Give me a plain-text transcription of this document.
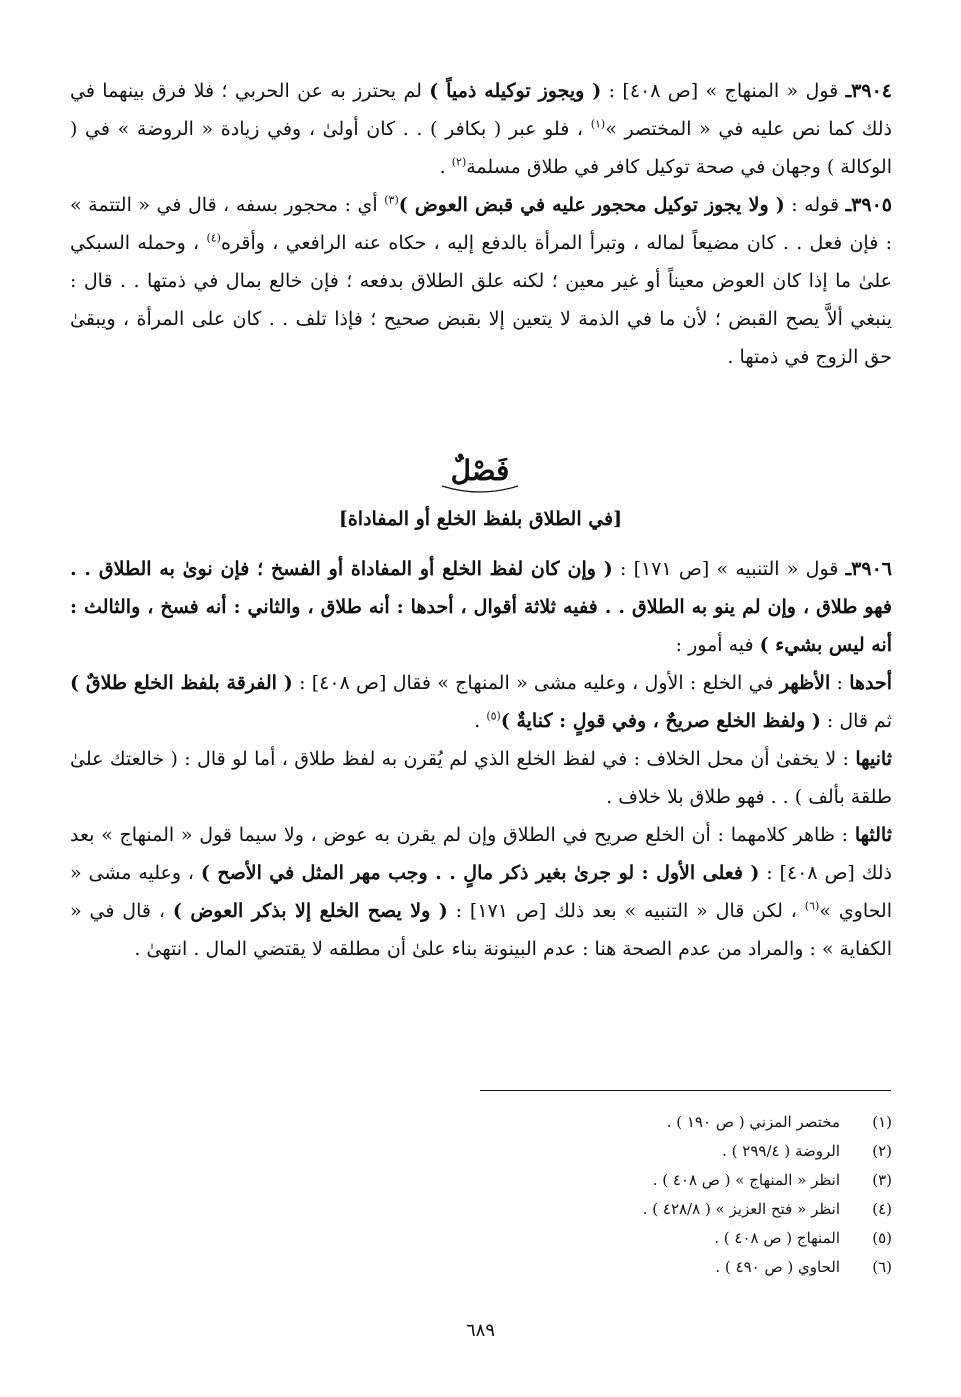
٣٩٠٤ـ قول « المنهاج » [ص ٤٠٨] : ( ويجوز توكيله ذمياً ) لم يحترز به عن الحربي ؛ فلا فرق بينهما في ذلك كما نص عليه في « المختصر »$^{(١)}$ ، فلو عبر ( بكافر ) . . كان أولىٰ ، وفي زيادة « الروضة » في ( الوكالة ) وجهان في صحة توكيل كافر في طلاق مسلمة$^{(٢)}$ .

٣٩٠٥ـ قوله : ( ولا يجوز توكيل محجور عليه في قبض العوض )$^{(٣)}$ أي : محجور بسفه ، قال في « التتمة » : فإن فعل . . كان مضيعاً لماله ، وتبرأ المرأة بالدفع إليه ، حكاه عنه الرافعي ، وأقره$^{(٤)}$ ، وحمله السبكي علىٰ ما إذا كان العوض معيناً أو غير معين ؛ لكنه علق الطلاق بدفعه ؛ فإن خالع بمال في ذمتها . . قال : ينبغي ألاَّ يصح القبض ؛ لأن ما في الذمة لا يتعين إلا بقبض صحيح ؛ فإذا تلف . . كان على المرأة ، ويبقىٰ حق الزوج في ذمتها .

فَصْلٌ
[في الطلاق بلفظ الخلع أو المفاداة]

٣٩٠٦ـ قول « التنبيه » [ص ١٧١] : ( وإن كان لفظ الخلع أو المفاداة أو الفسخ ؛ فإن نوىٰ به الطلاق . . فهو طلاق ، وإن لم ينو به الطلاق . . ففيه ثلاثة أقوال ، أحدها : أنه طلاق ، والثاني : أنه فسخ ، والثالث : أنه ليس بشيء ) فيه أمور :

أحدها : الأظهر في الخلع : الأول ، وعليه مشى « المنهاج » فقال [ص ٤٠٨] : ( الفرقة بلفظ الخلع طلاقٌ ) ثم قال : ( ولفظ الخلع صريحٌ ، وفي قولٍ : كنايةٌ )$^{(٥)}$ .

ثانيها : لا يخفىٰ أن محل الخلاف : في لفظ الخلع الذي لم يُقرن به لفظ طلاق ، أما لو قال : ( خالعتك علىٰ طلقة بألف ) . . فهو طلاق بلا خلاف .

ثالثها : ظاهر كلامهما : أن الخلع صريح في الطلاق وإن لم يقرن به عوض ، ولا سيما قول « المنهاج » بعد ذلك [ص ٤٠٨] : ( فعلى الأول : لو جرىٰ بغير ذكر مالٍ . . وجب مهر المثل في الأصح ) ، وعليه مشى « الحاوي »$^{(٦)}$ ، لكن قال « التنبيه » بعد ذلك [ص ١٧١] : ( ولا يصح الخلع إلا بذكر العوض ) ، قال في « الكفاية » : والمراد من عدم الصحة هنا : عدم البينونة بناء علىٰ أن مطلقه لا يقتضي المال . انتهىٰ .

(١)
مختصر المزني ( ص ١٩٠ ) .
(٢)
الروضة ( ٢٩٩/٤ ) .
(٣)
انظر « المنهاج » ( ص ٤٠٨ ) .
(٤)
انظر « فتح العزيز » ( ٤٢٨/٨ ) .
(٥)
المنهاج ( ص ٤٠٨ ) .
(٦)
الحاوي ( ص ٤٩٠ ) .
٦٨٩
